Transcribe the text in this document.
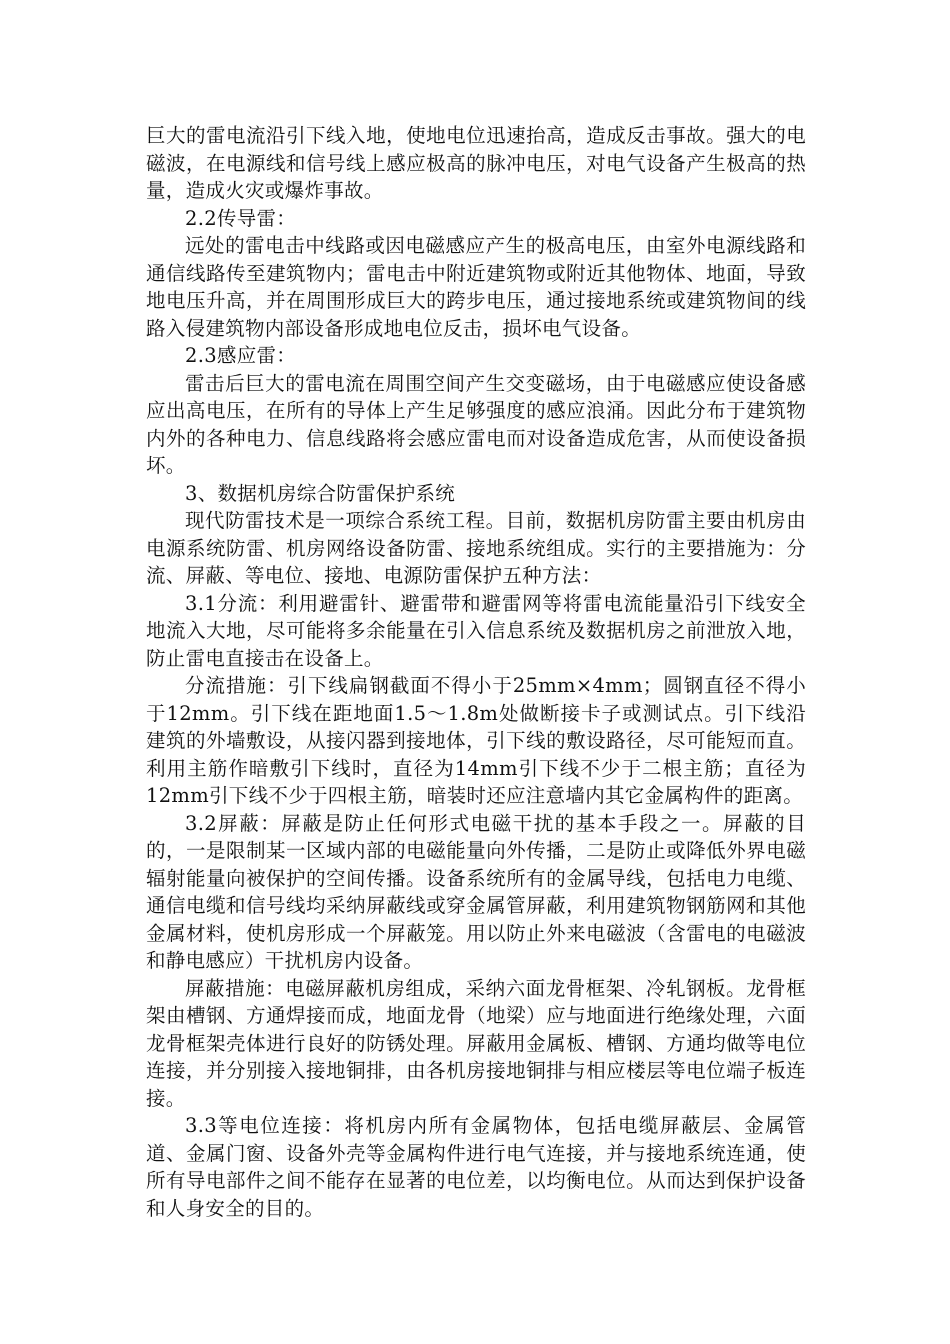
巨大的雷电流沿引下线入地，使地电位迅速抬高，造成反击事故。强大的电磁波，在电源线和信号线上感应极高的脉冲电压，对电气设备产生极高的热量，造成火灾或爆炸事故。

2.2传导雷：

远处的雷电击中线路或因电磁感应产生的极高电压，由室外电源线路和通信线路传至建筑物内；雷电击中附近建筑物或附近其他物体、地面，导致地电压升高，并在周围形成巨大的跨步电压，通过接地系统或建筑物间的线路入侵建筑物内部设备形成地电位反击，损坏电气设备。

2.3感应雷：

雷击后巨大的雷电流在周围空间产生交变磁场，由于电磁感应使设备感应出高电压，在所有的导体上产生足够强度的感应浪涌。因此分布于建筑物内外的各种电力、信息线路将会感应雷电而对设备造成危害，从而使设备损坏。

3、数据机房综合防雷保护系统

现代防雷技术是一项综合系统工程。目前，数据机房防雷主要由机房由电源系统防雷、机房网络设备防雷、接地系统组成。实行的主要措施为：分流、屏蔽、等电位、接地、电源防雷保护五种方法：

3.1分流：利用避雷针、避雷带和避雷网等将雷电流能量沿引下线安全地流入大地，尽可能将多余能量在引入信息系统及数据机房之前泄放入地， 防止雷电直接击在设备上。

分流措施：引下线扁钢截面不得小于25mm×4mm；圆钢直径不得小于12mm。引下线在距地面1.5～1.8m处做断接卡子或测试点。引下线沿建筑的外墙敷设，从接闪器到接地体，引下线的敷设路径，尽可能短而直。利用主筋作暗敷引下线时，直径为14mm引下线不少于二根主筋；直径为12mm引下线不少于四根主筋，暗装时还应注意墙内其它金属构件的距离。

3.2屏蔽：屏蔽是防止任何形式电磁干扰的基本手段之一。屏蔽的目的，一是限制某一区域内部的电磁能量向外传播，二是防止或降低外界电磁辐射能量向被保护的空间传播。设备系统所有的金属导线，包括电力电缆、通信电缆和信号线均采纳屏蔽线或穿金属管屏蔽，利用建筑物钢筋网和其他金属材料，使机房形成一个屏蔽笼。用以防止外来电磁波（含雷电的电磁波和静电感应）干扰机房内设备。

屏蔽措施：电磁屏蔽机房组成，采纳六面龙骨框架、冷轧钢板。龙骨框架由槽钢、方通焊接而成，地面龙骨（地梁）应与地面进行绝缘处理，六面龙骨框架壳体进行良好的防锈处理。屏蔽用金属板、槽钢、方通均做等电位连接，并分别接入接地铜排，由各机房接地铜排与相应楼层等电位端子板连接。

3.3等电位连接：将机房内所有金属物体，包括电缆屏蔽层、金属管道、金属门窗、设备外壳等金属构件进行电气连接，并与接地系统连通，使所有导电部件之间不能存在显著的电位差，以均衡电位。从而达到保护设备和人身安全的目的。
